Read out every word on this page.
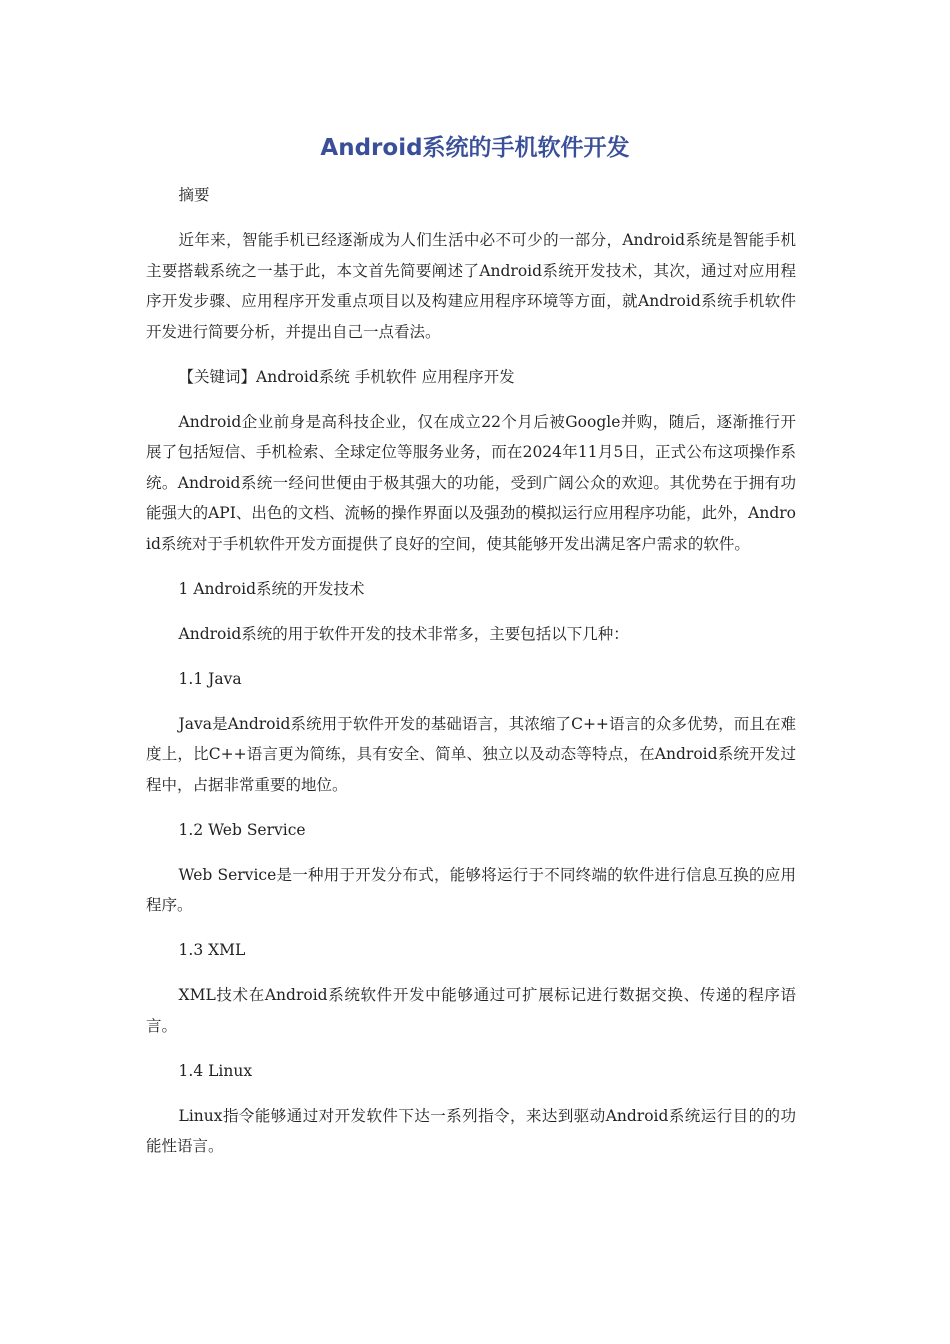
Android系统的手机软件开发

摘要

近年来，智能手机已经逐渐成为人们生活中必不可少的一部分，Android系统是智能手机主要搭载系统之一基于此，本文首先简要阐述了Android系统开发技术，其次，通过对应用程序开发步骤、应用程序开发重点项目以及构建应用程序环境等方面，就Android系统手机软件开发进行简要分析，并提出自己一点看法。

【关键词】Android系统 手机软件 应用程序开发

Android企业前身是高科技企业，仅在成立22个月后被Google并购，随后，逐渐推行开展了包括短信、手机检索、全球定位等服务业务，而在2024年11月5日，正式公布这项操作系统。Android系统一经问世便由于极其强大的功能，受到广阔公众的欢迎。其优势在于拥有功能强大的API、出色的文档、流畅的操作界面以及强劲的模拟运行应用程序功能，此外，Android系统对于手机软件开发方面提供了良好的空间，使其能够开发出满足客户需求的软件。

1 Android系统的开发技术

Android系统的用于软件开发的技术非常多，主要包括以下几种：

1.1 Java

Java是Android系统用于软件开发的基础语言，其浓缩了C++语言的众多优势，而且在难度上，比C++语言更为简练，具有安全、简单、独立以及动态等特点，在Android系统开发过程中，占据非常重要的地位。

1.2 Web Service

Web Service是一种用于开发分布式，能够将运行于不同终端的软件进行信息互换的应用程序。

1.3 XML

XML技术在Android系统软件开发中能够通过可扩展标记进行数据交换、传递的程序语言。

1.4 Linux

Linux指令能够通过对开发软件下达一系列指令，来达到驱动Android系统运行目的的功能性语言。
